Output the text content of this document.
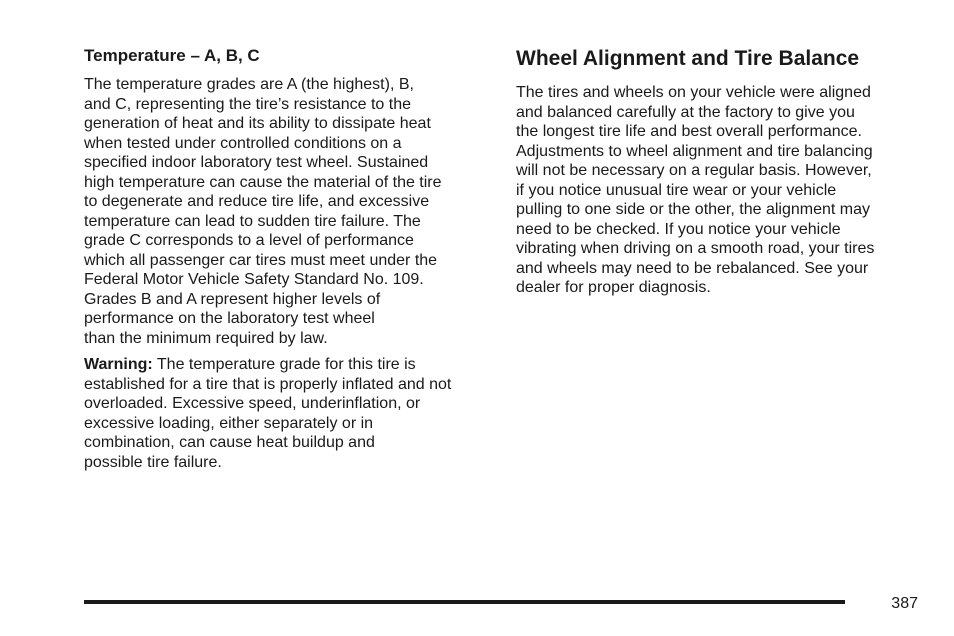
Temperature – A, B, C

The temperature grades are A (the highest), B,
and C, representing the tire’s resistance to the
generation of heat and its ability to dissipate heat
when tested under controlled conditions on a
specified indoor laboratory test wheel. Sustained
high temperature can cause the material of the tire
to degenerate and reduce tire life, and excessive
temperature can lead to sudden tire failure. The
grade C corresponds to a level of performance
which all passenger car tires must meet under the
Federal Motor Vehicle Safety Standard No. 109.
Grades B and A represent higher levels of
performance on the laboratory test wheel
than the minimum required by law.

Warning: The temperature grade for this tire is
established for a tire that is properly inflated and not
overloaded. Excessive speed, underinflation, or
excessive loading, either separately or in
combination, can cause heat buildup and
possible tire failure.

Wheel Alignment and Tire Balance

The tires and wheels on your vehicle were aligned
and balanced carefully at the factory to give you
the longest tire life and best overall performance.
Adjustments to wheel alignment and tire balancing
will not be necessary on a regular basis. However,
if you notice unusual tire wear or your vehicle
pulling to one side or the other, the alignment may
need to be checked. If you notice your vehicle
vibrating when driving on a smooth road, your tires
and wheels may need to be rebalanced. See your
dealer for proper diagnosis.

387
